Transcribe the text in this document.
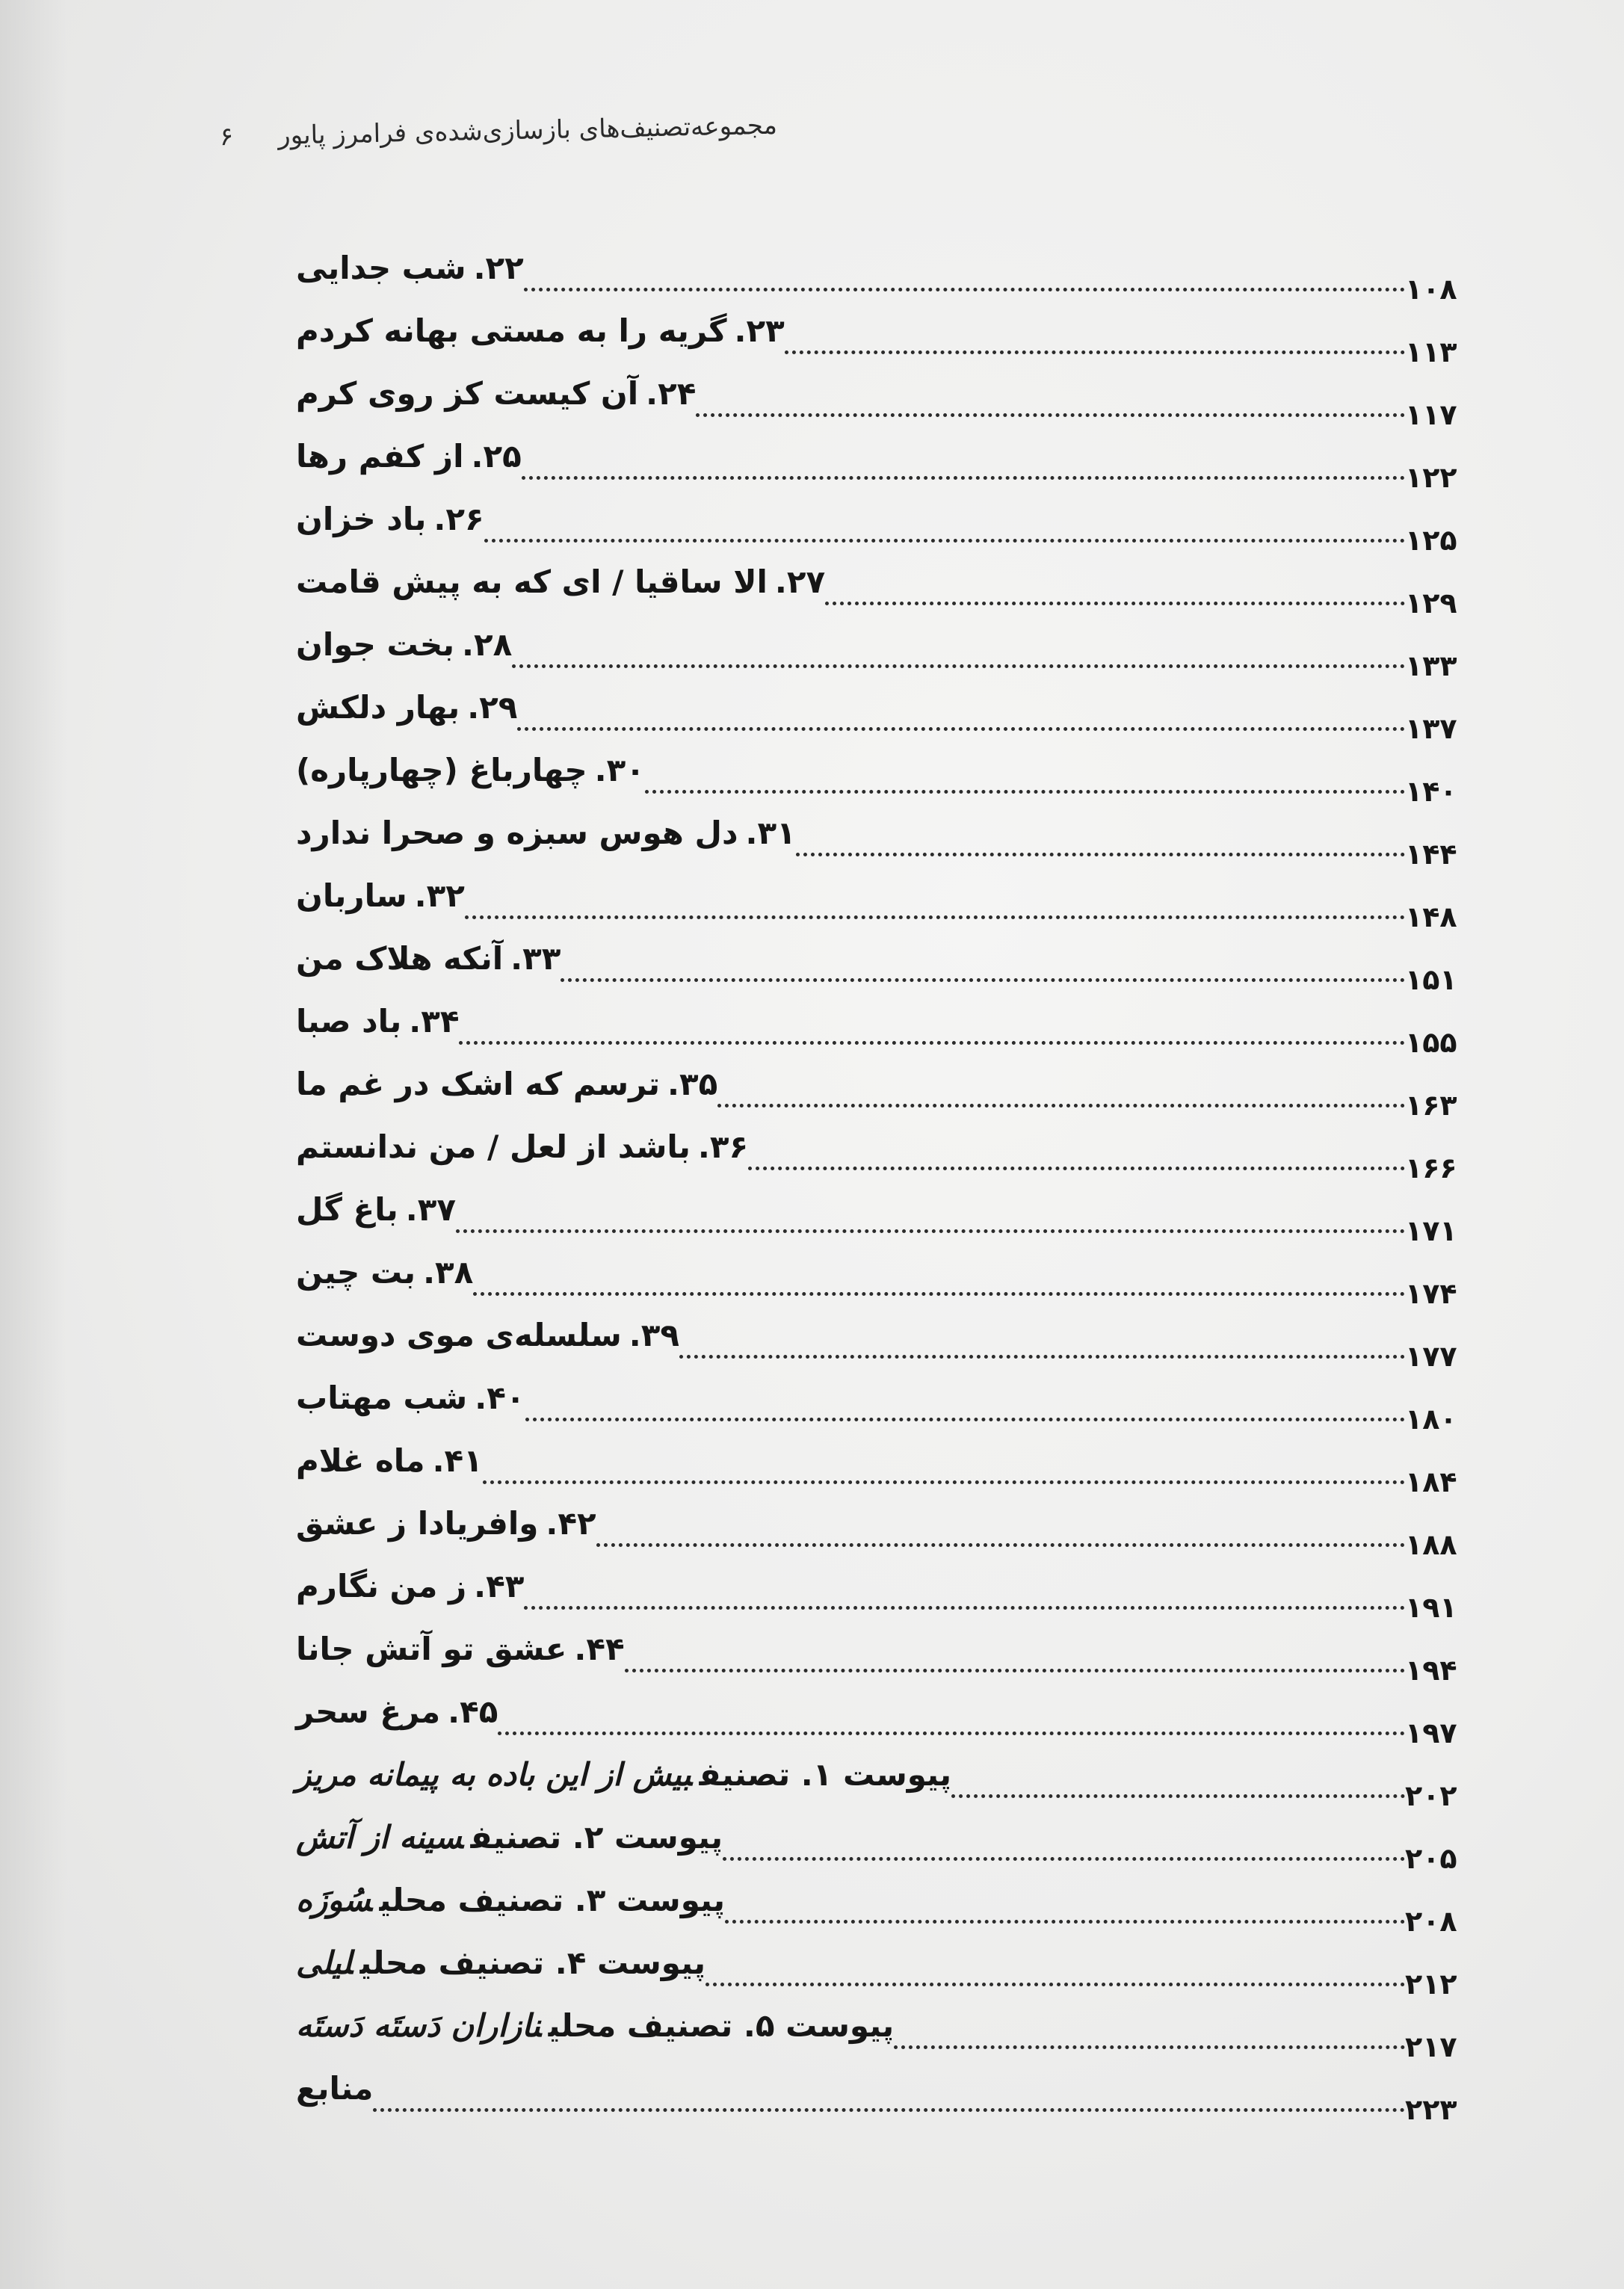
مجموعه‌تصنیف‌های بازسازی‌شده‌ی فرامرز پایور
۶
۲۲.شب جدایی
۱۰۸
۲۳.گریه را به مستی بهانه کردم
۱۱۳
۲۴.آن کیست کز روی کرم
۱۱۷
۲۵.از کفم رها
۱۲۲
۲۶.باد خزان
۱۲۵
۲۷.الا ساقیا / ای که به پیش قامت
۱۲۹
۲۸.بخت جوان
۱۳۳
۲۹.بهار دلکش
۱۳۷
۳۰.چهارباغ (چهارپاره)
۱۴۰
۳۱.دل هوس سبزه و صحرا ندارد
۱۴۴
۳۲.ساربان
۱۴۸
۳۳.آنکه هلاک من
۱۵۱
۳۴.باد صبا
۱۵۵
۳۵.ترسم که اشک در غم ما
۱۶۳
۳۶.باشد از لعل / من ندانستم
۱۶۶
۳۷.باغ گل
۱۷۱
۳۸.بت چین
۱۷۴
۳۹.سلسله‌ی موی دوست
۱۷۷
۴۰.شب مهتاب
۱۸۰
۴۱.ماه غلام
۱۸۴
۴۲.وافریادا ز عشق
۱۸۸
۴۳.ز من نگارم
۱۹۱
۴۴.عشق تو آتش جانا
۱۹۴
۴۵.مرغ سحر
۱۹۷
پیوست ۱. تصنیفبیش از این باده به پیمانه مریز
۲۰۲
پیوست ۲. تصنیفسینه از آتش
۲۰۵
پیوست ۳. تصنیف محلیسُوزَه
۲۰۸
پیوست ۴. تصنیف محلیلیلی
۲۱۲
پیوست ۵. تصنیف محلینازاران دَستَه دَستَه
۲۱۷
منابع
۲۲۳
